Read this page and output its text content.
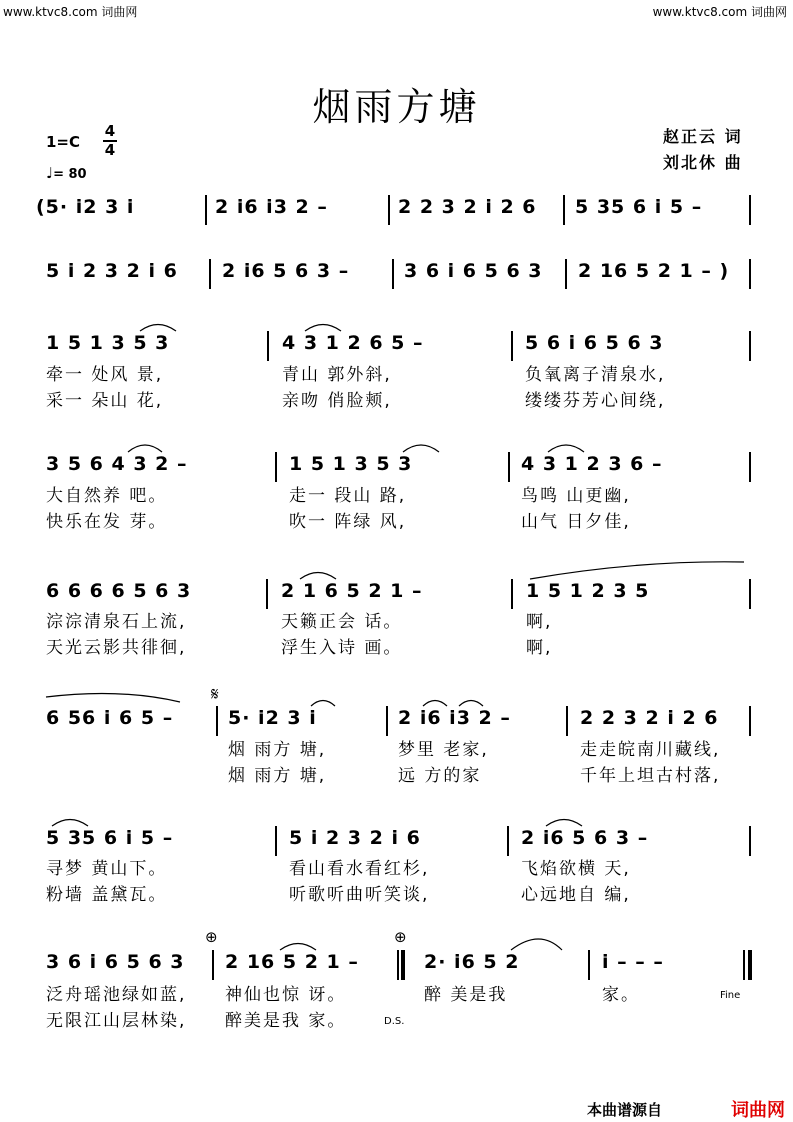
www.ktvc8.com 词曲网	www.ktvc8.com 词曲网
烟雨方塘
1=C
4
4
♩= 80
赵正云 词
刘北休 曲
(5· i2 3 i	2 i6 i3 2 –	2 2 3 2 i 2 6 5 35 6 i 5 –
5 i 2 3 2 i 6 2 i6 5 6 3 –	3 6 i 6 5 6 3 2 16 5 2 1 – )
1 5 1 3 5 3	4 3 1 2 6 5 –	5 6 i 6 5 6 3
牵一 处风 景,	青山 郭外斜,	负氧离子清泉水,
采一 朵山 花,	亲吻 俏脸颊,	缕缕芬芳心间绕,
3 5 6 4 3 2 –	1 5 1 3 5 3	4 3 1 2 3 6 –
大自然养 吧。	走一 段山 路,	鸟鸣 山更幽,
快乐在发 芽。	吹一 阵绿 风,	山气 日夕佳,
6 6 6 6 5 6 3	2 1 6 5 2 1 –	1 5 1 2 3 5
淙淙清泉石上流,	天籁正会 话。	啊,
天光云影共徘徊,	浮生入诗 画。	啊,
𝄋
6 56 i 6 5 –	5· i2 3 i	2 i6 i3 2 –	2 2 3 2 i 2 6
烟 雨方 塘,	梦里 老家,	走走皖南川藏线,
烟 雨方 塘,	远 方的家	千年上坦古村落,
5 35 6 i 5 –	5 i 2 3 2 i 6	2 i6 5 6 3 –
寻梦 黄山下。	看山看水看红杉,	飞焰欲横 天,
粉墙 盖黛瓦。	听歌听曲听笑谈,	心远地自 编,
⊕	⊕
3 6 i 6 5 6 3 2 16 5 2 1 –	2· i6 5 2	i – – –
泛舟瑶池绿如蓝, 神仙也惊 讶。	醉 美是我	家。	Fine
无限江山层林染, 醉美是我 家。	D.S.
本曲谱源自	词曲网
